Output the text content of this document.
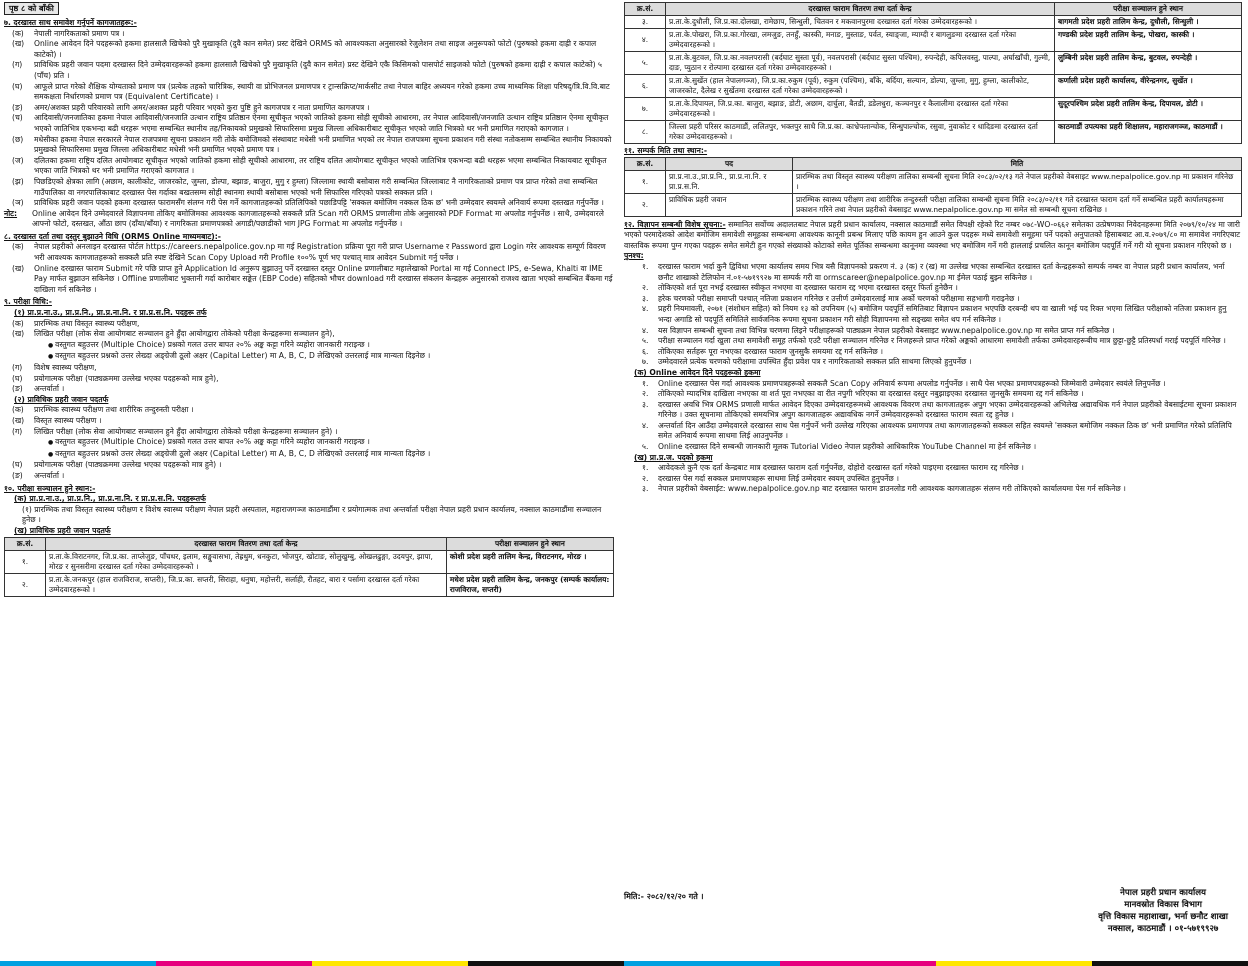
पृष्ठ ८ को बाँकी
७. दरखास्त साथ समावेश गर्नुपर्ने कागजातहरू:-
(क)	नेपाली नागरिकताको प्रमाण पत्र ।
(ख)	Online आवेदन दिने पदहरूको हकमा हालसालै खिचेको पुरै मुखाकृति (दुवै कान समेत) प्रस्ट देखिने ORMS को आवश्यकता अनुसारको रेजुलेशन तथा साइज अनुरूपको फोटो (पुरुषको हकमा दाह्री र कपाल काटेको) ।
(ग)	प्राविधिक प्रहरी जवान पदमा दरखास्त दिने उम्मेदवारहरूको हकमा हालसालै खिचेको पुरै मुखाकृति (दुवै कान समेत) प्रस्ट देखिने एकै किसिमको पासपोर्ट साइजको फोटो (पुरुषको हकमा दाह्री र कपाल काटेको) ५ (पाँच) प्रति ।
(घ)	आफूले प्राप्त गरेको शैक्षिक योग्यताको प्रमाण पत्र (प्रत्येक तहको चारित्रिक, स्थायी वा प्रोभिजनल प्रमाणपत्र र ट्रान्सक्रिप्ट/मार्कसीट तथा नेपाल बाहिर अध्ययन गरेको हकमा उच्च माध्यमिक शिक्षा परिषद्/त्रि.वि.वि.बाट समकक्षता निर्धारणको प्रमाण पत्र (Equivalent Certificate) ।
(ङ)	अमर/अशक्त प्रहरी परिवारको लागि अमर/अशक्त प्रहरी परिवार भएको कुरा पुष्टि हुने कागजपत्र र नाता प्रमाणित कागजपत्र ।
(च)	आदिवासी/जनजातिका हकमा नेपाल आदिवासी/जनजाति उत्थान राष्ट्रिय प्रतिष्ठान ऐनमा सूचीकृत भएको जातिको हकमा सोही सूचीको आधारमा, तर नेपाल आदिवासी/जनजाति उत्थान राष्ट्रिय प्रतिष्ठान ऐनमा सूचीकृत भएको जातिभित्र एकभन्दा बढी थरहरू भएमा सम्बन्धित स्थानीय तह/निकायको प्रमुखको सिफारिसमा प्रमुख जिल्ला अधिकारीबाट सूचीकृत भएको जाति भित्रको थर भनी प्रमाणित गराएको कागजात ।
(छ)	मधेसीका हकमा नेपाल सरकारले नेपाल राजपत्रमा सूचना प्रकाशन गरी तोके बमोजिमको संस्थाबाट मधेसी भनी प्रमाणित भएको तर नेपाल राजपत्रमा सूचना प्रकाशन गरी संस्था नतोकसम्म सम्बन्धित स्थानीय निकायको प्रमुखको सिफारिसमा प्रमुख जिल्ला अधिकारीबाट मधेसी भनी प्रमाणित भएको प्रमाण पत्र ।
(ज)	दलितका हकमा राष्ट्रिय दलित आयोगबाट सूचीकृत भएको जातिको हकमा सोही सूचीको आधारमा, तर राष्ट्रिय दलित आयोगबाट सूचीकृत भएको जातिभित्र एकभन्दा बढी थरहरू भएमा सम्बन्धित निकायबाट सूचीकृत भएका जाति भित्रको थर भनी प्रमाणित गराएको कागजात ।
(झ)	पिछडिएको क्षेत्रका लागि (अछाम, कालीकोट, जाजरकोट, जुम्ला, डोल्पा, बझाङ, बाजुरा, मुगु र हुम्ला) जिल्लामा स्थायी बसोबास गरी सम्बन्धित जिल्लाबाट नै नागरिकताको प्रमाण पत्र प्राप्त गरेको तथा सम्बन्धित गाउँपालिका वा नगरपालिकाबाट दरखास्त पेस गर्दाका बखतसम्म सोही स्थानमा स्थायी बसोबास भएको भनी सिफारिस गरिएको पत्रको सक्कल प्रति ।
(ञ)	प्राविधिक प्रहरी जवान पदको हकमा दरखास्त फारामसँग संलग्न गरी पेस गर्ने कागजातहरूको प्रतिलिपिको पछाडिपट्टि 'सक्कल बमोजिम नक्कल ठिक छ' भनी उम्मेदवार स्वयम्ले अनिवार्य रूपमा दस्तखत गर्नुपर्नेछ ।
नोट:	Online आवेदन दिने उम्मेदवारले विज्ञापनमा तोकिए बमोजिमका आवश्यक कागजातहरूको सक्कलै प्रति Scan गरी ORMS प्रणालीमा तोके अनुसारको PDF Format मा अपलोड गर्नुपर्नेछ । साथै, उम्मेदवारले आफ्नो फोटो, दस्तखत, औंठा छाप (दाँया/बाँया) र नागरिकता प्रमाणपत्रको अगाडी/पछाडीको भाग JPG Format मा अपलोड गर्नुपर्नेछ ।
८. दरखास्त दर्ता तथा दस्तुर बुझाउने विधि (ORMS Online माध्यमबाट):-
(क)	नेपाल प्रहरीको अनलाइन दरखास्त पोर्टल https://careers.nepalpolice.gov.np मा गई Registration प्रक्रिया पूरा गरी प्राप्त Username र Password द्वारा Login गरेर आवश्यक सम्पूर्ण विवरण भरी आवश्यक कागजातहरूको सक्कलै प्रति स्पष्ट देखिने Scan Copy Upload गरी Profile १००% पूर्ण भए पश्चात् मात्र आवेदन Submit गर्नु पर्नेछ ।
(ख)	Online दरखास्त फाराम Submit गरे पछि प्राप्त हुने Application Id अनुरूप बुझाउनु पर्ने दरखास्त दस्तुर Online प्रणालीबाट महालेखाको Portal मा गई Connect IPS, e-Sewa, Khalti वा IME Pay मार्फत बुझाउन सकिनेछ । Offline प्रणालीबाट भुक्तानी गर्दा कारोबार सङ्केत (EBP Code) सहितको भौचर download गरी दरखास्त संकलन केन्द्रहरू अनुसारको राजश्व खाता भएको सम्बन्धित बैंकमा गई दाखिला गर्न सकिनेछ ।
९. परीक्षा विधि:-
(१) प्रा.प्र.ना.उ., प्रा.प्र.नि., प्रा.प्र.ना.नि. र प्रा.प्र.स.नि. पदहरू तर्फ
(क)	प्रारम्भिक तथा विस्तृत स्वास्थ्य परीक्षण,
(ख)	लिखित परीक्षा (लोक सेवा आयोगबाट सञ्चालन हुने हुँदा आयोगद्वारा तोकेको परीक्षा केन्द्रहरूमा सञ्चालन हुने),
● वस्तुगत बहुउत्तर (Multiple Choice) प्रश्नको गलत उत्तर बापत २०% अङ्क कट्टा गरिने व्यहोरा जानकारी गराइन्छ ।
● वस्तुगत बहुउत्तर प्रश्नको उत्तर लेख्दा अङ्ग्रेजी ठूलो अक्षर (Capital Letter) मा A, B, C, D लेखिएको उत्तरलाई मात्र मान्यता दिइनेछ ।
(ग)	विशेष स्वास्थ्य परीक्षण,
(घ)	प्रयोगात्मक परीक्षा (पाठ्यक्रममा उल्लेख भएका पदहरूको मात्र हुने),
(ङ)	अन्तर्वार्ता ।
(२) प्राविधिक प्रहरी जवान पदतर्फ
(क)	प्रारम्भिक स्वास्थ्य परीक्षण तथा शारीरिक तन्दुरुस्ती परीक्षा ।
(ख)	विस्तृत स्वास्थ्य परीक्षण ।
(ग)	लिखित परीक्षा (लोक सेवा आयोगबाट सञ्चालन हुने हुँदा आयोगद्वारा तोकेको परीक्षा केन्द्रहरूमा सञ्चालन हुने) ।
● वस्तुगत बहुउत्तर (Multiple Choice) प्रश्नको गलत उत्तर बापत २०% अङ्क कट्टा गरिने व्यहोरा जानकारी गराइन्छ ।
● वस्तुगत बहुउत्तर प्रश्नको उत्तर लेख्दा अङ्ग्रेजी ठूलो अक्षर (Capital Letter) मा A, B, C, D लेखिएको उत्तरलाई मात्र मान्यता दिइनेछ ।
(घ)	प्रयोगात्मक परीक्षा (पाठ्यक्रममा उल्लेख भएका पदहरूको मात्र हुने) ।
(ङ)	अन्तर्वार्ता ।
१०. परीक्षा सञ्चालन हुने स्थान:-
(क) प्रा.प्र.ना.उ., प्रा.प्र.नि., प्रा.प्र.ना.नि. र प्रा.प्र.स.नि. पदहरूतर्फ
(१) प्रारम्भिक तथा विस्तृत स्वास्थ्य परीक्षण र विशेष स्वास्थ्य परीक्षण नेपाल प्रहरी अस्पताल, महाराजगञ्ज काठमाडौंमा र प्रयोगात्मक तथा अन्तर्वार्ता परीक्षा नेपाल प्रहरी प्रधान कार्यालय, नक्साल काठमाडौंमा सञ्चालन हुनेछ ।
(ख) प्राविधिक प्रहरी जवान पदतर्फ
क्र.सं.	दरखास्त फाराम वितरण तथा दर्ता केन्द्र	परीक्षा सञ्चालन हुने स्थान
१.	प्र.ता.के.विराटनगर, जि.प्र.का. ताप्लेजुङ, पाँचथर, इलाम, सङ्खुवासभा, तेह्रथुम, धनकुटा, भोजपुर, खोटाङ, सोलुखुम्बु, ओखलढुङ्गा, उदयपुर, झापा, मोरङ र सुनसरीमा दरखास्त दर्ता गरेका उम्मेदवारहरूको ।	कोशी प्रदेश प्रहरी तालिम केन्द्र, विराटनगर, मोरङ ।
२.	प्र.ता.के.जनकपुर (हाल राजविराज, सप्तरी), जि.प्र.का. सप्तरी, सिराहा, धनुषा, महोत्तरी, सर्लाही, रौतहट, बारा र पर्सामा दरखास्त दर्ता गरेका उम्मेदवारहरूको ।	मधेश प्रदेश प्रहरी तालिम केन्द्र, जनकपुर (सम्पर्क कार्यालय: राजविराज, सप्तरी)
क्र.सं.	दरखास्त फाराम वितरण तथा दर्ता केन्द्र	परीक्षा सञ्चालन हुने स्थान
३.	प्र.ता.के.दुधौली, जि.प्र.का.दोलखा, रामेछाप, सिन्धुली, चितवन र मकवानपुरमा दरखास्त दर्ता गरेका उम्मेदवारहरूको ।	बागमती प्रदेश प्रहरी तालिम केन्द्र, दुधौली, सिन्धुली ।
४.	प्र.ता.के.पोखरा, जि.प्र.का.गोरखा, लमजुङ, तनहुँ, कास्की, मनाङ, मुस्ताङ, पर्वत, स्याङ्जा, म्याग्दी र बागलुङमा दरखास्त दर्ता गरेका उम्मेदवारहरूको ।	गण्डकी प्रदेश प्रहरी तालिम केन्द्र, पोखरा, कास्की ।
५.	प्र.ता.के.बुटवल, जि.प्र.का.नवलपरासी (बर्दघाट सुस्ता पूर्व), नवलपरासी (बर्दघाट सुस्ता पश्चिम), रुपन्देही, कपिलवस्तु, पाल्पा, अर्घाखाँची, गुल्मी, दाङ, प्युठान र रोल्पामा दरखास्त दर्ता गरेका उम्मेदवारहरूको ।	लुम्बिनी प्रदेश प्रहरी तालिम केन्द्र, बुटवल, रुपन्देही ।
६.	प्र.ता.के.सुर्खेत (हाल नेपालगञ्ज), जि.प्र.का.रुकुम (पूर्व), रुकुम (पश्चिम), बाँके, बर्दिया, सल्यान, डोल्पा, जुम्ला, मुगु, हुम्ला, कालीकोट, जाजरकोट, दैलेख र सुर्खेतमा दरखास्त दर्ता गरेका उम्मेदवारहरूको ।	कर्णाली प्रदेश प्रहरी कार्यालय, वीरेन्द्रनगर, सुर्खेत ।
७.	प्र.ता.के.दिपायल, जि.प्र.का. बाजुरा, बझाङ, डोटी, अछाम, दार्चुला, बैतडी, डडेलधुरा, कञ्चनपुर र कैलालीमा दरखास्त दर्ता गरेका उम्मेदवारहरूको ।	सुदूरपश्चिम प्रदेश प्रहरी तालिम केन्द्र, दिपायल, डोटी ।
८.	जिल्ला प्रहरी परिसर काठमाडौं, ललितपुर, भक्तपुर साथै जि.प्र.का. काभ्रेपलान्चोक, सिन्धुपाल्चोक, रसुवा, नुवाकोट र धादिङमा दरखास्त दर्ता गरेका उम्मेदवारहरूको ।	काठमाडौं उपत्यका प्रहरी शिक्षालय, महाराजगञ्ज, काठमाडौं ।
११. सम्पर्क मिति तथा स्थान:-
क्र.सं.	पद	मिति
१.	प्रा.प्र.ना.उ.,प्रा.प्र.नि., प्रा.प्र.ना.नि. र प्रा.प्र.स.नि.	प्रारम्भिक तथा विस्तृत स्वास्थ्य परीक्षण तालिका सम्बन्धी सूचना मिति २०८३/०२/१३ गते नेपाल प्रहरीको वेबसाइट www.nepalpolice.gov.np मा प्रकाशन गरिनेछ ।
२.	प्राविधिक प्रहरी जवान	प्रारम्भिक स्वास्थ्य परीक्षण तथा शारीरिक तन्दुरुस्ती परीक्षा तालिका सम्बन्धी सूचना मिति २०८३/०२/११ गते दरखास्त फाराम दर्ता गर्ने सम्बन्धित प्रहरी कार्यालयहरूमा प्रकाशन गरिने तथा नेपाल प्रहरीको वेबसाइट www.nepalpolice.gov.np मा समेत सो सम्बन्धी सूचना राखिनेछ ।
१२. विज्ञापन सम्बन्धी विशेष सूचना:- सम्मानित सर्वोच्च अदालतबाट नेपाल प्रहरी प्रधान कार्यालय, नक्साल काठमाडौं समेत विपक्षी रहेको रिट नम्बर ०७८-WO-०६६२ समेतका उत्प्रेषणका निवेदनहरूमा मिति २०७९/१०/२४ मा जारी भएको परमादेशको आदेश बमोजिम समावेशी समूहका सम्बन्धमा आवश्यक कानूनी प्रबन्ध मिलाए पछि कायम हुन आउने कुल पदहरू मध्ये समावेशी समूहमा पर्ने पदको अनुपातको हिसाबबाट आ.व.२०७९/८० मा समावेश नगरिएबाट वास्तविक रूपमा पुग्न गएका पदहरू समेत समेटी हुन गएको संख्याको कोटाको समेत पूर्तिका सम्बन्धमा कानूनमा व्यवस्था भए बमोजिम गर्ने गरी हाललाई प्रचलित कानून बमोजिम पदपूर्ति गर्ने गरी यो सूचना प्रकाशन गरिएको छ ।
पुनश्च:
१.	दरखास्त फाराम भर्दा कुनै द्विविधा भएमा कार्यालय समय भित्र यसै विज्ञापनको प्रकरण नं. ३ (क) र (ख) मा उल्लेख भएका सम्बन्धित दरखास्त दर्ता केन्द्रहरूको सम्पर्क नम्बर वा नेपाल प्रहरी प्रधान कार्यालय, भर्ना छनौट शाखाको टेलिफोन नं.०१-५७१९९२७ मा सम्पर्क गरी वा ormscareer@nepalpolice.gov.np मा ईमेल पठाई बुझ्न सकिनेछ ।
२.	तोकिएको शर्त पूरा नभई दरखास्त स्वीकृत नभएमा वा दरखास्त फाराम रद्द भएमा दरखास्त दस्तुर फिर्ता हुनेछैन ।
३.	हरेक चरणको परीक्षा समाप्ती पश्चात् नतिजा प्रकाशन गरिनेछ र उत्तीर्ण उम्मेदवारलाई मात्र अर्को चरणको परीक्षामा सहभागी गराइनेछ ।
४.	प्रहरी नियमावली, २०७१ (संशोधन सहित) को नियम १३ को उपनियम (५) बमोजिम पदपूर्ति समितिबाट विज्ञापन प्रकाशन भएपछि दरबन्दी थप वा खाली भई पद रिक्त भएमा लिखित परीक्षाको नतिजा प्रकाशन हुनु भन्दा अगाडि सो पदपूर्ति समितिले सार्वजनिक रूपमा सूचना प्रकाशन गरी सोही विज्ञापनमा सो सङ्ख्या समेत थप गर्न सकिनेछ ।
४.	यस विज्ञापन सम्बन्धी सूचना तथा विभिन्न चरणमा लिइने परीक्षाहरूको पाठ्यक्रम नेपाल प्रहरीको वेबसाइट www.nepalpolice.gov.np मा समेत प्राप्त गर्न सकिनेछ ।
५.	परीक्षा सञ्चालन गर्दा खुला तथा समावेशी समूह तर्फको एउटै परीक्षा सञ्चालन गरिनेछ र निजहरूले प्राप्त गरेको अङ्कको आधारमा समावेशी तर्फका उम्मेदवारहरूबीच मात्र छुट्टा-छुट्टै प्रतिस्पर्धा गराई पदपूर्ति गरिनेछ ।
६.	तोकिएका सर्तहरू पूरा नभएका दरखास्त फाराम जुनसुकै समयमा रद्द गर्न सकिनेछ ।
७.	उम्मेदवारले प्रत्येक चरणको परीक्षामा उपस्थित हुँदा प्रवेश पत्र र नागरिकताको सक्कल प्रति साथमा लिएको हुनुपर्नेछ ।
(क) Online आवेदन दिने पदहरूको हकमा
१.	Online दरखास्त पेस गर्दा आवश्यक प्रमाणपत्रहरूको सक्कलै Scan Copy अनिवार्य रूपमा अपलोड गर्नुपर्नेछ । साथै पेस भएका प्रमाणपत्रहरूको जिम्मेवारी उम्मेदवार स्वयंले लिनुपर्नेछ ।
२.	तोकिएको म्यादभित्र दाखिला नभएका वा शर्त पूरा नभएका वा रीत नपुगी भरिएका वा दरखास्त दस्तुर नबुझाइएका दरखास्त जुनसुकै समयमा रद्द गर्न सकिनेछ ।
३.	दरखास्त अवधि भित्र ORMS प्रणाली मार्फत आवेदन दिएका उम्मेदवारहरूमध्ये आवश्यक विवरण तथा कागजातहरू अपुग भएका उम्मेदवारहरूको अभिलेख अद्यावधिक गर्न नेपाल प्रहरीको वेबसाईटमा सूचना प्रकाशन गरिनेछ । उक्त सूचनामा तोकिएको समयभित्र अपुग कागजातहरू अद्यावधिक नगर्ने उम्मेदवारहरूको दरखास्त फाराम स्वतः रद्द हुनेछ ।
४.	अन्तर्वार्ता दिन आउँदा उम्मेदवारले दरखास्त साथ पेस गर्नुपर्ने भनी उल्लेख गरिएका आवश्यक प्रमाणपत्र तथा कागजातहरूको सक्कल सहित स्वयम्ले 'सक्कल बमोजिम नक्कल ठिक छ' भनी प्रमाणित गरेको प्रतिलिपि समेत अनिवार्य रूपमा साथमा लिई आउनुपर्नेछ ।
५.	Online दरखास्त दिने सम्बन्धी जानकारी मूलक Tutorial Video नेपाल प्रहरीको आधिकारिक YouTube Channel मा हेर्न सकिनेछ ।
(ख) प्रा.प्र.ज. पदको हकमा
१.	आवेदकले कुनै एक दर्ता केन्द्रबाट मात्र दरखास्त फाराम दर्ता गर्नुपर्नेछ, दोहोरो दरखास्त दर्ता गरेको पाइएमा दरखास्त फाराम रद्द गरिनेछ ।
२.	दरखास्त पेस गर्दा सक्कल प्रमाणपत्रहरू साथमा लिई उम्मेदवार स्वयम् उपस्थित हुनुपर्नेछ ।
३.	नेपाल प्रहरीको वेबसाईट: www.nepalpolice.gov.np बाट दरखास्त फाराम डाउनलोड गरी आवश्यक कागजातहरू संलग्न गरी तोकिएको कार्यालयमा पेस गर्न सकिनेछ ।
मिति:- २०८२/१२/२० गते ।	नेपाल प्रहरी प्रधान कार्यालय
मानवस्रोत विकास विभाग
वृत्ति विकास महाशाखा, भर्ना छनौट शाखा
नक्साल, काठमाडौं । ०१-५७१९९२७
